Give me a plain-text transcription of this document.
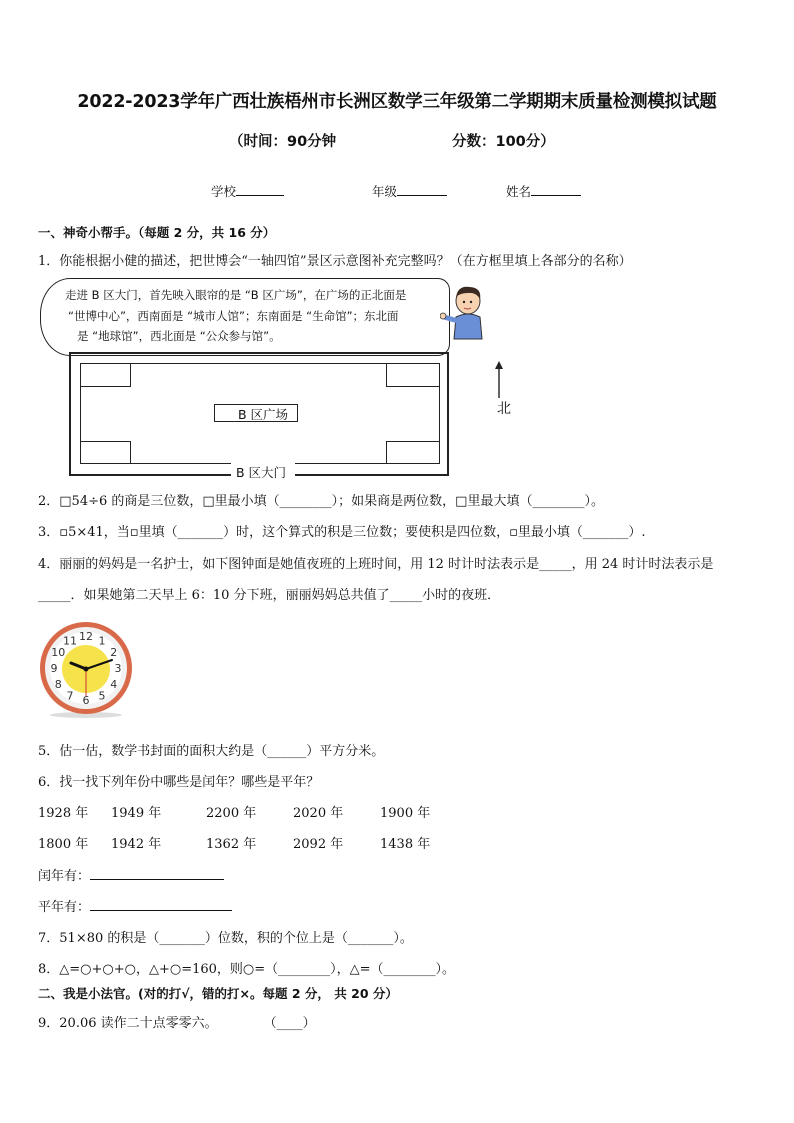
2022-2023学年广西壮族梧州市长洲区数学三年级第二学期期末质量检测模拟试题
（时间：90分钟	分数：100分）
学校	年级	姓名
一、神奇小帮手。（每题 2 分，共 16 分）
1．你能根据小健的描述，把世博会“一轴四馆”景区示意图补充完整吗？（在方框里填上各部分的名称）
走进 B 区大门，首先映入眼帘的是 “B 区广场”，在广场的正北面是
“世博中心”，西南面是 “城市人馆”；东南面是 “生命馆”；东北面
是 “地球馆”，西北面是 “公众参与馆”。
B 区广场
B 区大门
北
2．□54÷6 的商是三位数，□里最小填（________）；如果商是两位数，□里最大填（________）。
3．▫5×41，当▫里填（_______）时，这个算式的积是三位数；要使积是四位数，▫里最小填（_______）.
4．丽丽的妈妈是一名护士，如下图钟面是她值夜班的上班时间，用 12 时计时法表示是_____，用 24 时计时法表示是
_____．如果她第二天早上 6：10 分下班，丽丽妈妈总共值了_____小时的夜班．
12 1
2
3
4
5
6
7
8
9
10
11
5．估一估，数学书封面的面积大约是（______）平方分米。
6．找一找下列年份中哪些是闰年？哪些是平年？
1928 年 1949 年	2200 年	2020 年	1900 年
1800 年 1942 年	1362 年	2092 年	1438 年
闰年有：
平年有：
7．51×80 的积是（_______）位数，积的个位上是（_______）。
8．△=○+○+○，△+○=160，则○=（________），△=（________）。
二、我是小法官。(对的打√，错的打×。每题 2 分， 共 20 分）
9．20.06 读作二十点零零六。	（____）
